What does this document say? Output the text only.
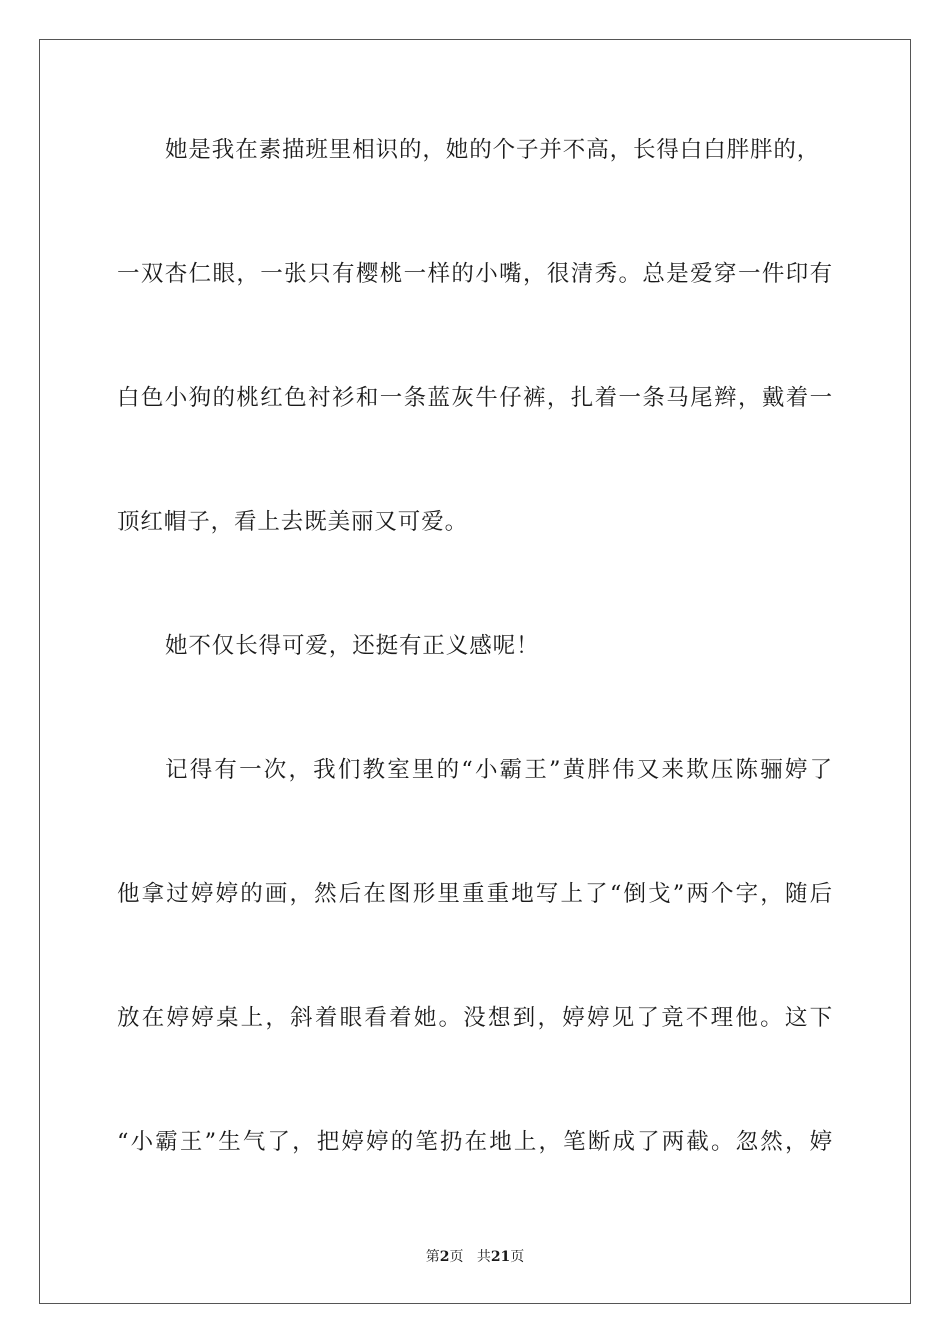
她是我在素描班里相识的，她的个子并不高，长得白白胖胖的，

一双杏仁眼，一张只有樱桃一样的小嘴，很清秀。总是爱穿一件印有

白色小狗的桃红色衬衫和一条蓝灰牛仔裤，扎着一条马尾辫，戴着一

顶红帽子，看上去既美丽又可爱。

她不仅长得可爱，还挺有正义感呢！

记得有一次，我们教室里的“小霸王”黄胖伟又来欺压陈骊婷了

他拿过婷婷的画，然后在图形里重重地写上了“倒戈”两个字，随后

放在婷婷桌上，斜着眼看着她。没想到，婷婷见了竟不理他。这下

“小霸王”生气了，把婷婷的笔扔在地上，笔断成了两截。忽然，婷

第2页 共21页
